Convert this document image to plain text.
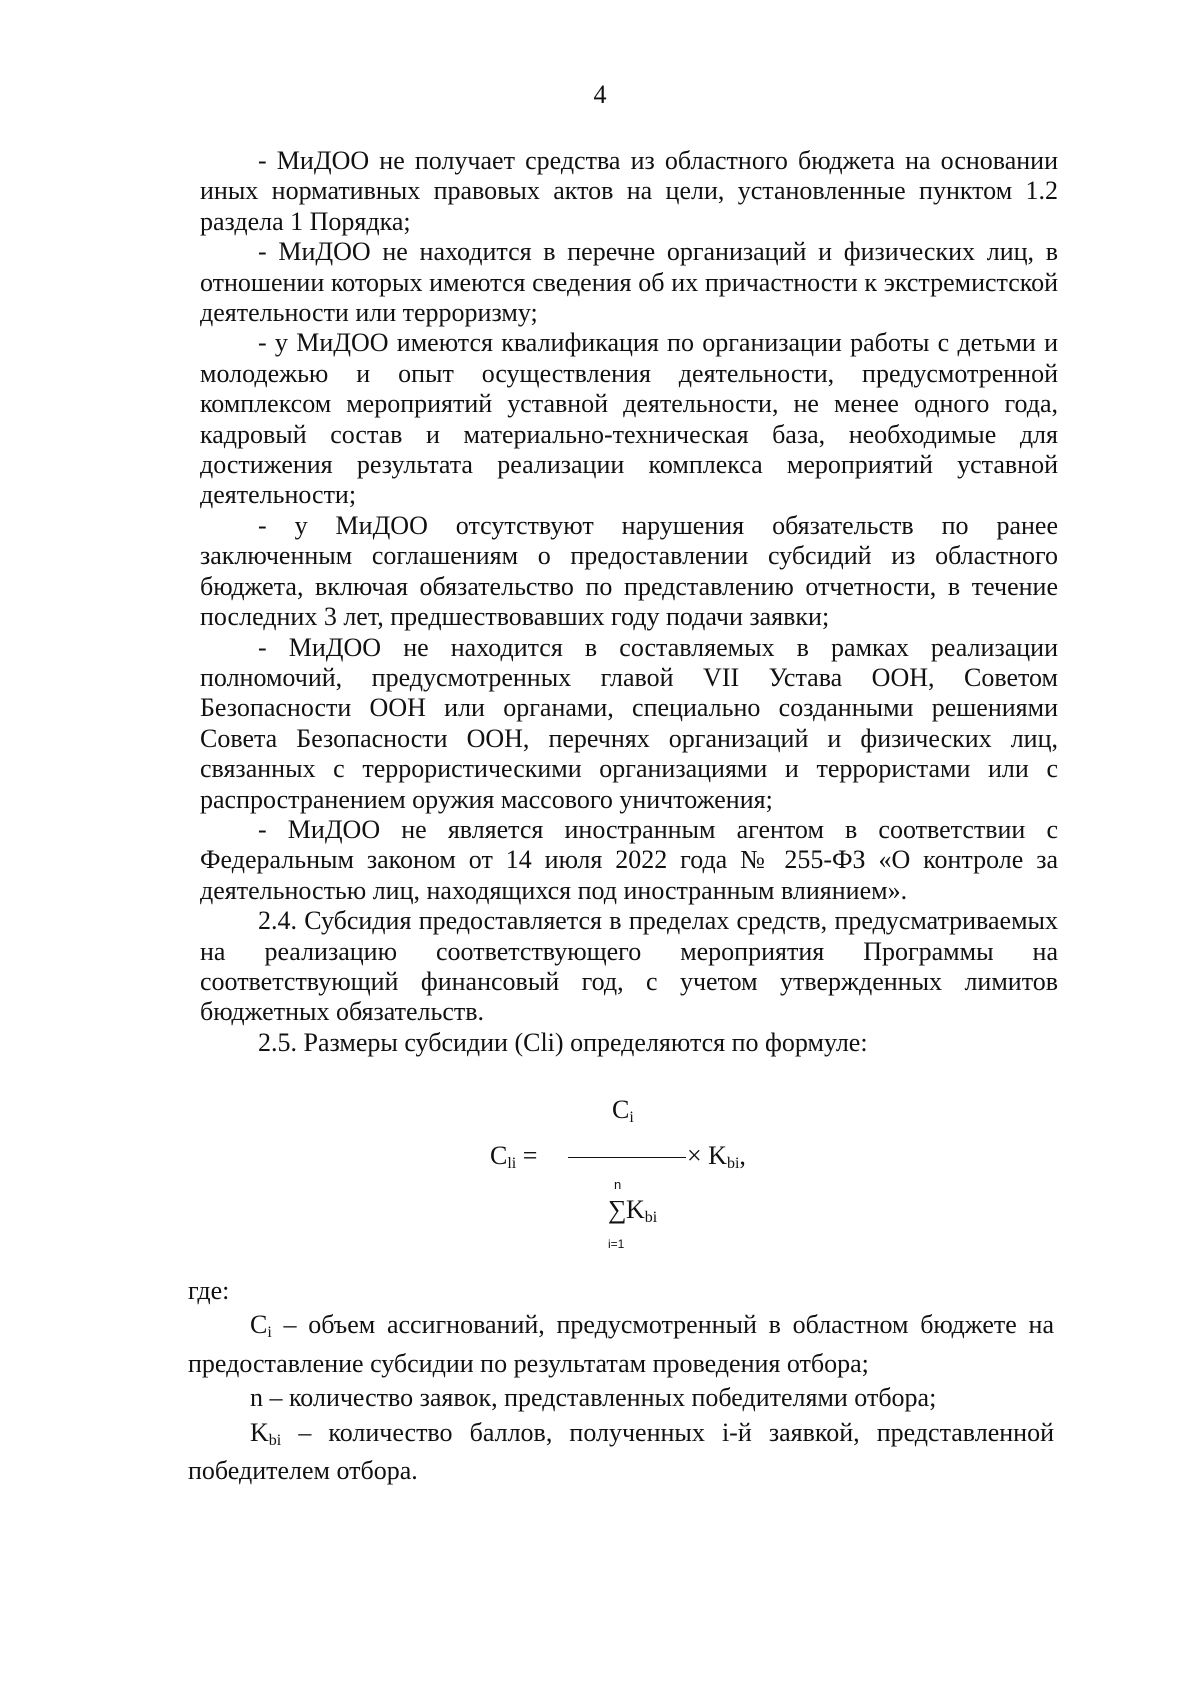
4

- МиДОО не получает средства из областного бюджета на основании иных нормативных правовых актов на цели, установленные пунктом 1.2 раздела 1 Порядка;

- МиДОО не находится в перечне организаций и физических лиц, в отношении которых имеются сведения об их причастности к экстремистской деятельности или терроризму;

- у МиДОО имеются квалификация по организации работы с детьми и молодежью и опыт осуществления деятельности, предусмотренной комплексом мероприятий уставной деятельности, не менее одного года, кадровый состав и материально-техническая база, необходимые для достижения результата реализации комплекса мероприятий уставной деятельности;

- у МиДОО отсутствуют нарушения обязательств по ранее заключенным соглашениям о предоставлении субсидий из областного бюджета, включая обязательство по представлению отчетности, в течение последних 3 лет, предшествовавших году подачи заявки;

- МиДОО не находится в составляемых в рамках реализации полномочий, предусмотренных главой VII Устава ООН, Советом Безопасности ООН или органами, специально созданными решениями Совета Безопасности ООН, перечнях организаций и физических лиц, связанных с террористическими организациями и террористами или с распространением оружия массового уничтожения;

- МиДОО не является иностранным агентом в соответствии с Федеральным законом от 14 июля 2022 года № 255-ФЗ «О контроле за деятельностью лиц, находящихся под иностранным влиянием».

2.4. Субсидия предоставляется в пределах средств, предусматриваемых на реализацию соответствующего мероприятия Программы на соответствующий финансовый год, с учетом утвержденных лимитов бюджетных обязательств.

2.5. Размеры субсидии (Cli) определяются по формуле:

$C_{li}$ =
$C_i$
× $K_{bi}$,
n
∑ $K_{bi}$
i=1

где:

$C_i$ – объем ассигнований, предусмотренный в областном бюджете на предоставление субсидии по результатам проведения отбора;

n – количество заявок, представленных победителями отбора;

$K_{bi}$ – количество баллов, полученных i-й заявкой, представленной победителем отбора.
